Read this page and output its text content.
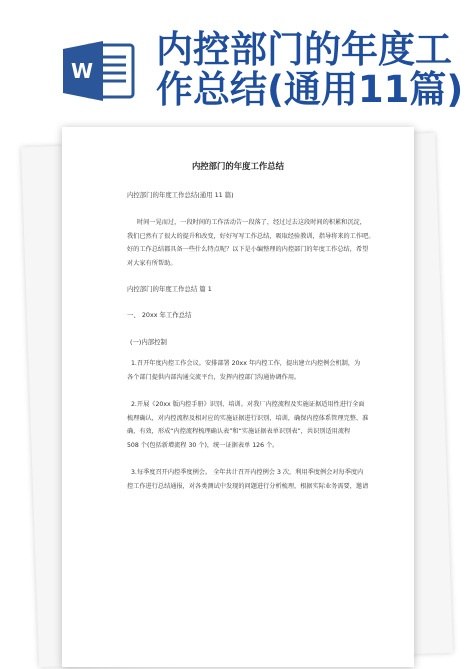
W 内控部门的年度工
作总结(通用11篇)
内控部门的年度工作总结
内控部门的年度工作总结(通用 11 篇)
时间一晃而过，一段时间的工作活动告一段落了，经过过去这段时间的积累和沉淀，
我们已然有了很大的提升和改变，好好写写工作总结，吸取经验教训，指导将来的工作吧。
好的工作总结都具备一些什么特点呢？以下是小编整理的内控部门的年度工作总结，希望
对大家有所帮助。
内控部门的年度工作总结 篇 1
一、 20xx 年工作总结
(一)内部控制
1.召开年度内控工作会议。安排部署 20xx 年内控工作，提出建立内控例会机制，为
各个部门提供内部沟通交流平台，发挥内控部门沟通协调作用。
2.开展《20xx 版内控手册》识别、培训。对我厂内控流程及实施证据适用性进行全面
梳理确认，对内控流程及相对应的实施证据进行识别、培训，确保内控体系管理完整、准
确、有效，形成“内控流程梳理确认表”和“实施证据表单识别表”，共识别适用流程
508 个(包括新增流程 30 个)，统一证据表单 126 个。
3.每季度召开内控季度例会。 全年共计召开内控例会 3 次，利用季度例会对每季度内
控工作进行总结通报，对各类测试中发现的问题进行分析梳理，根据实际业务需要，邀请
